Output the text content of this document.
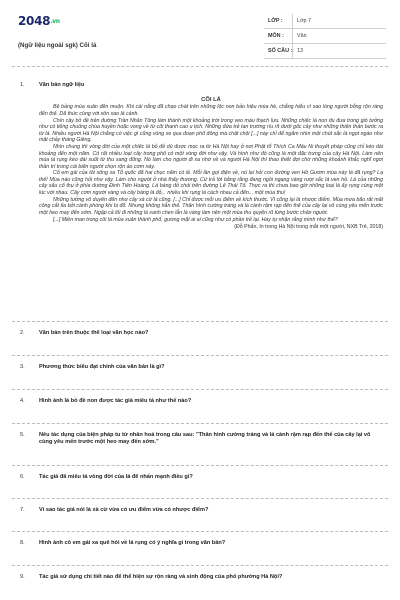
2048.vn
(Ngữ liệu ngoài sgk) Cõi lá
LỚP :	Lớp 7
MÔN : Văn
SỐ CÂU : 13
1.	Văn bản ngữ liệu
CÕI LÁ

Bê bảng mùa xuân đến muộn. Khi cái nắng đã chạo chát trên những lộc non bảo hiệu mùa hè, chẳng hiểu vì sao lòng người bỗng rộn ràng đến thế. Dã thức cùng với xôn xao lá cành.

Chín cây bồ đề trên đường Trần Nhân Tông làm thành một khoảng trời trong veo màu thạch lựu. Những chiếc lá non đu đưa trong gió tưởng như có tiếng chuông chùa huyền hoặc vọng về từ cõi thanh cao u tịch. Những đứa trẻ tan trường ríu rít dưới gốc cây như những thiên thần bước ra từ lá. Nhiều người Hà Nội chẳng có việc gì cũng vòng xe qua đoạn phố đông mà chật chội [...] này chỉ để ngắm nhìn một chút sắc lá ngọt ngào như mật chảy tháng Giêng.

Nhìn chung thì vòng đời của một chiếc lá bồ đề dù được mọc ra từ Hà Nội hay ở nơi Phật tổ Thích Ca Mâu Ni thuyết pháp cũng chỉ kéo dài khoảng đến một năm. Có rất nhiều loại cây trong phố có một vòng đời như vậy. Và hình như đó cũng là một đặc trưng của cây Hà Nội. Làm nên mùa lá rụng kéo dài suốt từ thu sang đông. Nó làm cho người đi xa nhớ về và người Hà Nội thì thao thiết đợi chờ những khoảnh khắc nghĩ ngơi thần trí trong cái biến người chọn rộn áo cơm này.

Cố em gái của tôi sống xa Tổ quốc đã hai chục năm có lẻ. Mỗi lần gọi điện về, nó lại hỏi con đường ven Hồ Gươm mùa này lá đã rụng? Lạ thế! Mùa nào cũng hỏi như vậy. Làm cho người ở nhà thấy thương. Cứ trả lời bằng rằng đang ngồi ngang vàng rượi sắc lá ven hồ. Lá của những cây sấu cổ thụ ở phía đường Đinh Tiên Hoàng. Lá bàng đỏ chói trên đường Lê Thái Tổ. Thực ra thì chưa bao giờ những loại lá ấy rụng cùng một lúc với nhau. Cây cơm người vàng và cây bàng lá đỏ... nhiều khi rụng lá cách nhau cả đến... một mùa thu!

Những tưởng vô duyên đến như cây xà cừ lá cũng. [...] Chỉ được mỗi ưu điểm về kích thước. Vì cũng lại là nhược điểm. Mùa mưa bão rất mất công cắt tỉa bởi cành phòng khi bị đổ. Nhưng không hẳn thế. Thân hình cường tráng và lá cành rậm rạp đến thế của cây lại vô cùng yêu mến trước một heo may đến sớm. Ngập cả lối đi những lá xanh chen lẫn lá vàng làm nên một mùa thu quyến rũ từng bước chân người.

[...] Miền man trong cõi lá mùa xuân thành phố, gương mặt ai ai cũng như có phần trẻ lại. Hay tự nhận rằng mình như thế?

(Đỗ Phấn, In trong Hà Nội trong mắt một người, NXB Trẻ, 2018)
2.	Văn bản trên thuộc thể loại văn học nào?
3.	Phương thức biểu đạt chính của văn bản là gì?
4.	Hình ảnh lá bồ đề non được tác giả miêu tả như thế nào?
5.	Nêu tác dụng của biện pháp tu từ nhân hoá trong câu sau: "Thân hình cường tráng và lá cành rậm rạp đến thế của cây lại vô cùng yêu mến trước một heo may đến sớm."
6.	Tác giả đã miêu tả vòng đời của lá để nhấn mạnh điều gì?
7.	Vì sao tác giả nói lá xà cừ vừa có ưu điểm vừa có nhược điểm?
8.	Hình ảnh cô em gái xa quê hỏi về lá rụng có ý nghĩa gì trong văn bản?
9.	Tác giả sử dụng chi tiết nào để thể hiện sự rộn ràng và sinh động của phố phường Hà Nội?
